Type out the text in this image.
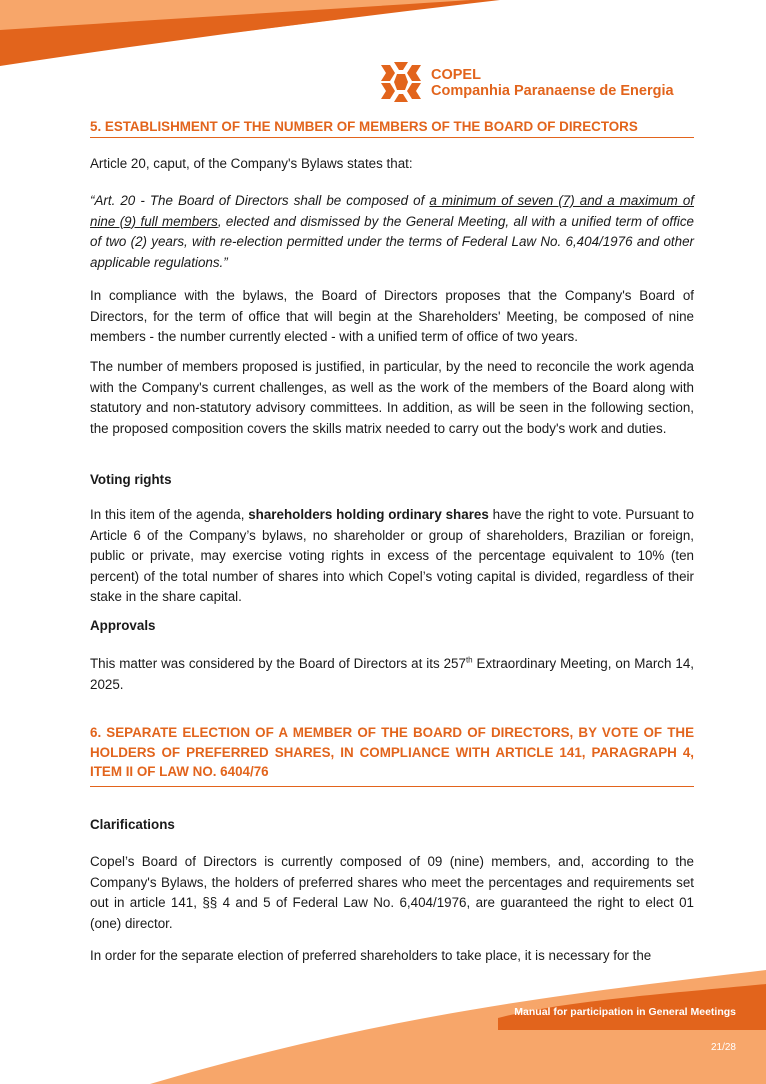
COPEL
Companhia Paranaense de Energia

5. ESTABLISHMENT OF THE NUMBER OF MEMBERS OF THE BOARD OF DIRECTORS

Article 20, caput, of the Company's Bylaws states that:

“Art. 20 - The Board of Directors shall be composed of a minimum of seven (7) and a maximum of nine (9) full members, elected and dismissed by the General Meeting, all with a unified term of office of two (2) years, with re-election permitted under the terms of Federal Law No. 6,404/1976 and other applicable regulations.”

In compliance with the bylaws, the Board of Directors proposes that the Company's Board of Directors, for the term of office that will begin at the Shareholders' Meeting, be composed of nine members - the number currently elected - with a unified term of office of two years.

The number of members proposed is justified, in particular, by the need to reconcile the work agenda with the Company's current challenges, as well as the work of the members of the Board along with statutory and non-statutory advisory committees. In addition, as will be seen in the following section, the proposed composition covers the skills matrix needed to carry out the body's work and duties.

Voting rights

In this item of the agenda, shareholders holding ordinary shares have the right to vote. Pursuant to Article 6 of the Company’s bylaws, no shareholder or group of shareholders, Brazilian or foreign, public or private, may exercise voting rights in excess of the percentage equivalent to 10% (ten percent) of the total number of shares into which Copel’s voting capital is divided, regardless of their stake in the share capital.

Approvals

This matter was considered by the Board of Directors at its 257th Extraordinary Meeting, on March 14, 2025.

6. SEPARATE ELECTION OF A MEMBER OF THE BOARD OF DIRECTORS, BY VOTE OF THE HOLDERS OF PREFERRED SHARES, IN COMPLIANCE WITH ARTICLE 141, PARAGRAPH 4, ITEM II OF LAW NO. 6404/76

Clarifications

Copel’s Board of Directors is currently composed of 09 (nine) members, and, according to the Company's Bylaws, the holders of preferred shares who meet the percentages and requirements set out in article 141, §§ 4 and 5 of Federal Law No. 6,404/1976, are guaranteed the right to elect 01 (one) director.

In order for the separate election of preferred shareholders to take place, it is necessary for the

Manual for participation in General Meetings
21/28
